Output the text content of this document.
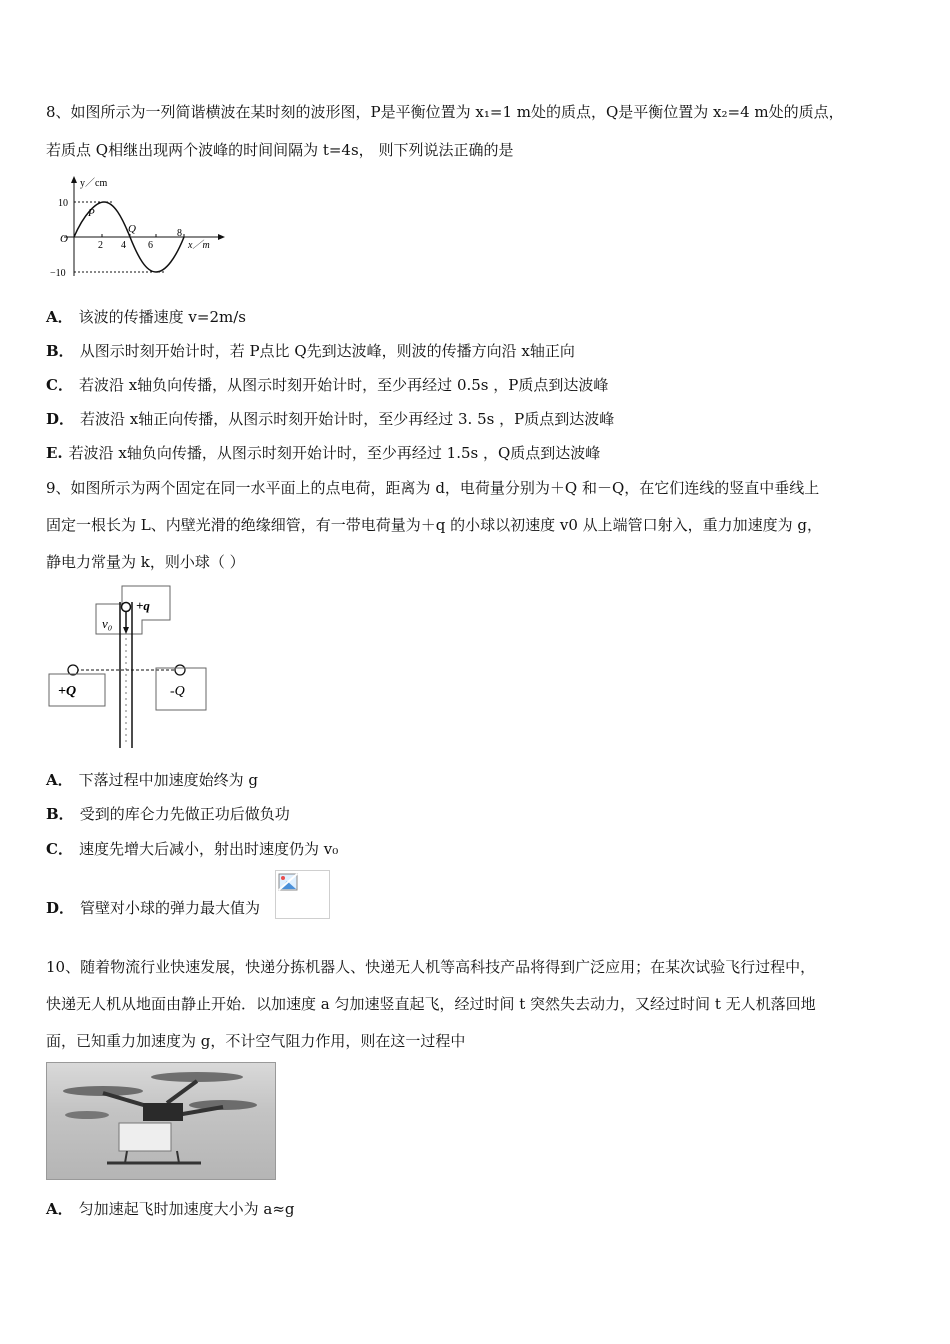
8、如图所示为一列简谐横波在某时刻的波形图，P是平衡位置为 x₁=1 m处的质点，Q是平衡位置为 x₂=4 m处的质点，
若质点 Q相继出现两个波峰的时间间隔为 t=4s， 则下列说法正确的是
y／cm
x／m
10
−10
2 4 6
8
O
P
Q
A． 该波的传播速度 v=2m/s
B． 从图示时刻开始计时，若 P点比 Q先到达波峰，则波的传播方向沿 x轴正向
C． 若波沿 x轴负向传播，从图示时刻开始计时，至少再经过 0.5s ，P质点到达波峰
D． 若波沿 x轴正向传播，从图示时刻开始计时，至少再经过 3. 5s ，P质点到达波峰
E. 若波沿 x轴负向传播，从图示时刻开始计时，至少再经过 1.5s ，Q质点到达波峰
9、如图所示为两个固定在同一水平面上的点电荷，距离为 d，电荷量分别为＋Q 和－Q，在它们连线的竖直中垂线上
固定一根长为 L、内壁光滑的绝缘细管，有一带电荷量为＋q 的小球以初速度 v0 从上端管口射入，重力加速度为 g，
静电力常量为 k，则小球（ ）
+q
v₀
+Q	-Q
A． 下落过程中加速度始终为 g
B． 受到的库仑力先做正功后做负功
C． 速度先增大后减小，射出时速度仍为 v₀
D． 管壁对小球的弹力最大值为
10、随着物流行业快速发展，快递分拣机器人、快递无人机等高科技产品将得到广泛应用；在某次试验飞行过程中，
快递无人机从地面由静止开始．以加速度 a 匀加速竖直起飞，经过时间 t 突然失去动力，又经过时间 t 无人机落回地
面，已知重力加速度为 g，不计空气阻力作用，则在这一过程中
A． 匀加速起飞时加速度大小为 a≈g
